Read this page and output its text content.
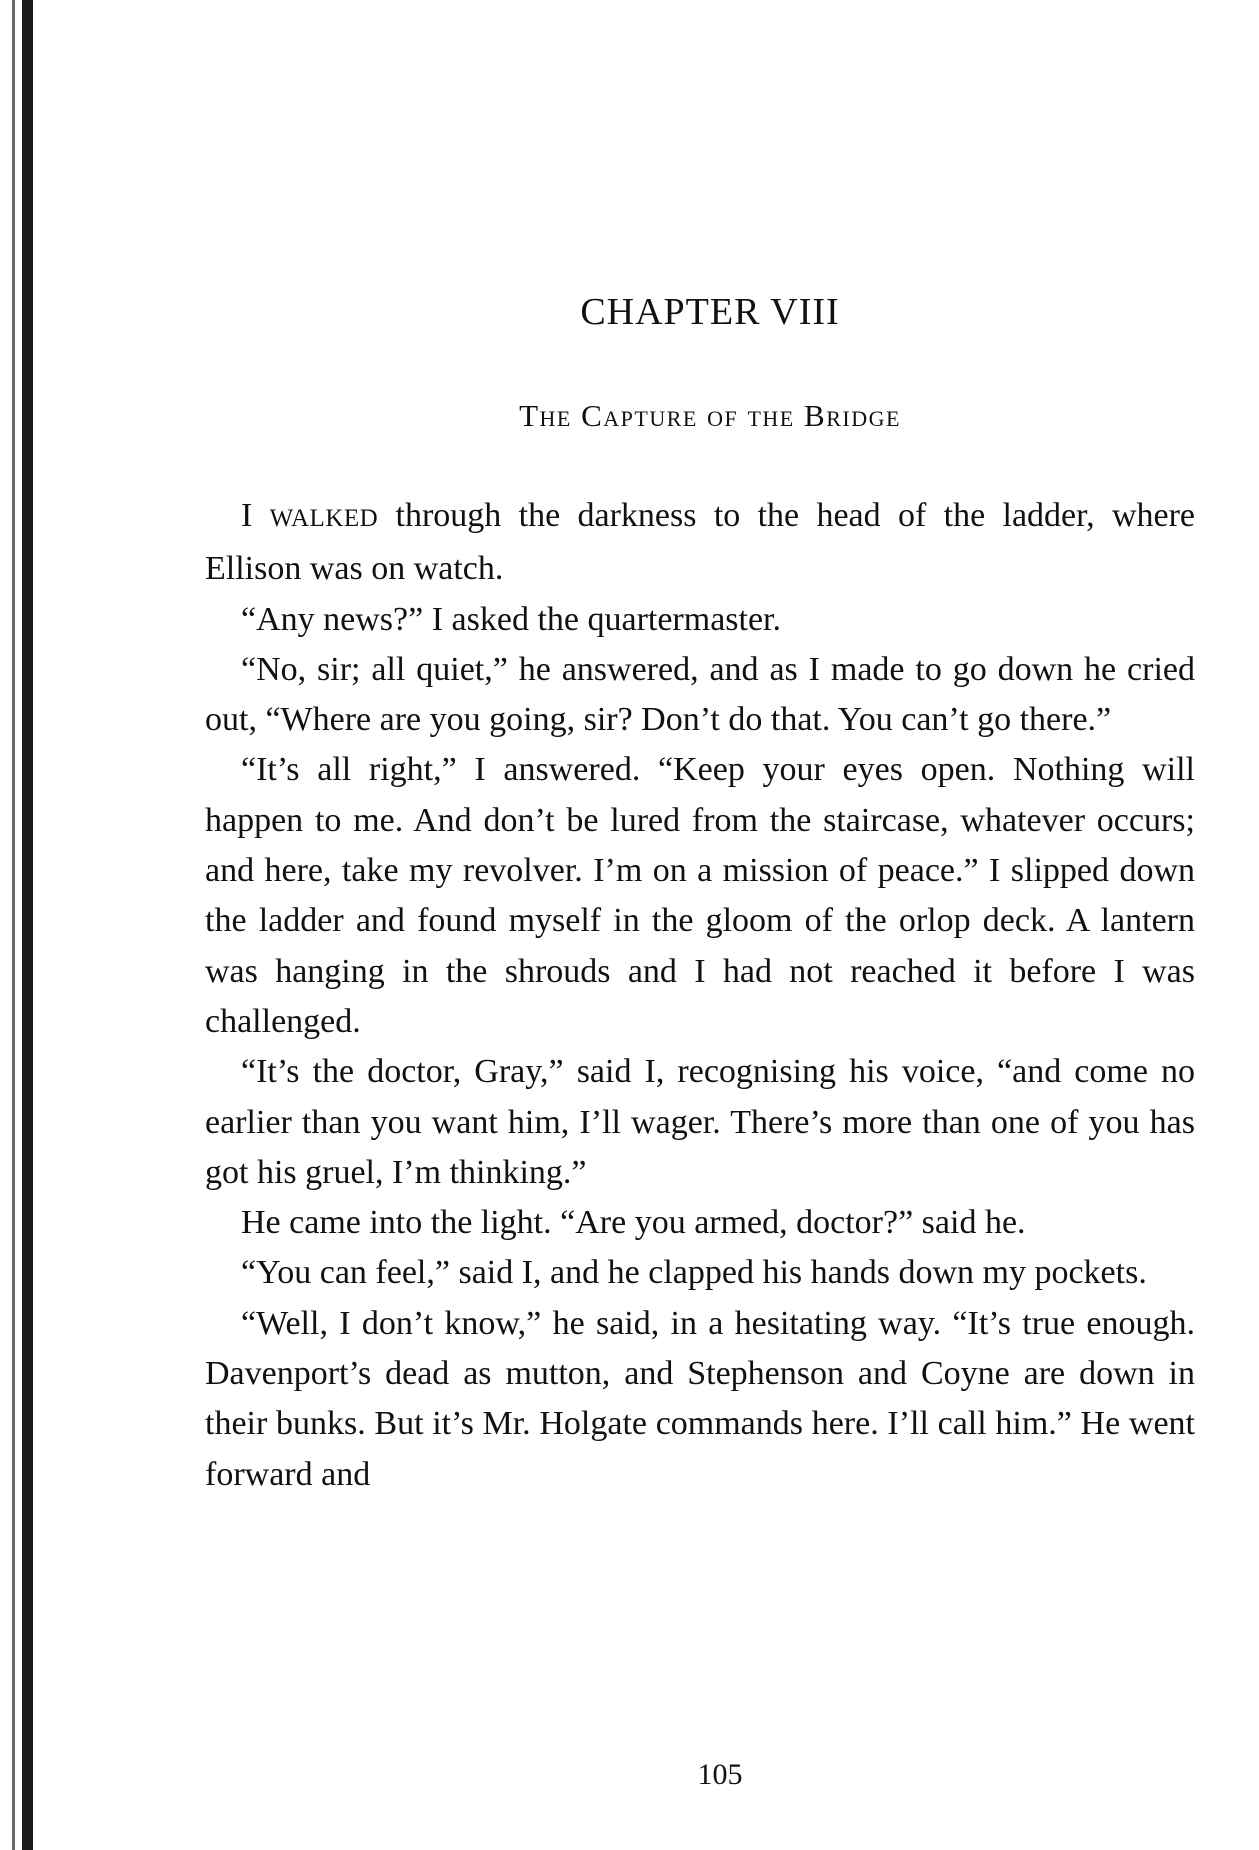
CHAPTER VIII
THE CAPTURE OF THE BRIDGE

I WALKED through the darkness to the head of the ladder, where Ellison was on watch.

“Any news?” I asked the quartermaster.

“No, sir; all quiet,” he answered, and as I made to go down he cried out, “Where are you going, sir? Don’t do that. You can’t go there.”

“It’s all right,” I answered. “Keep your eyes open. Nothing will happen to me. And don’t be lured from the staircase, whatever occurs; and here, take my revolver. I’m on a mission of peace.” I slipped down the ladder and found myself in the gloom of the orlop deck. A lantern was hanging in the shrouds and I had not reached it before I was challenged.

“It’s the doctor, Gray,” said I, recognising his voice, “and come no earlier than you want him, I’ll wager. There’s more than one of you has got his gruel, I’m thinking.”

He came into the light. “Are you armed, doctor?” said he.

“You can feel,” said I, and he clapped his hands down my pockets.

“Well, I don’t know,” he said, in a hesitating way. “It’s true enough. Davenport’s dead as mutton, and Stephenson and Coyne are down in their bunks. But it’s Mr. Holgate commands here. I’ll call him.” He went forward and

105
